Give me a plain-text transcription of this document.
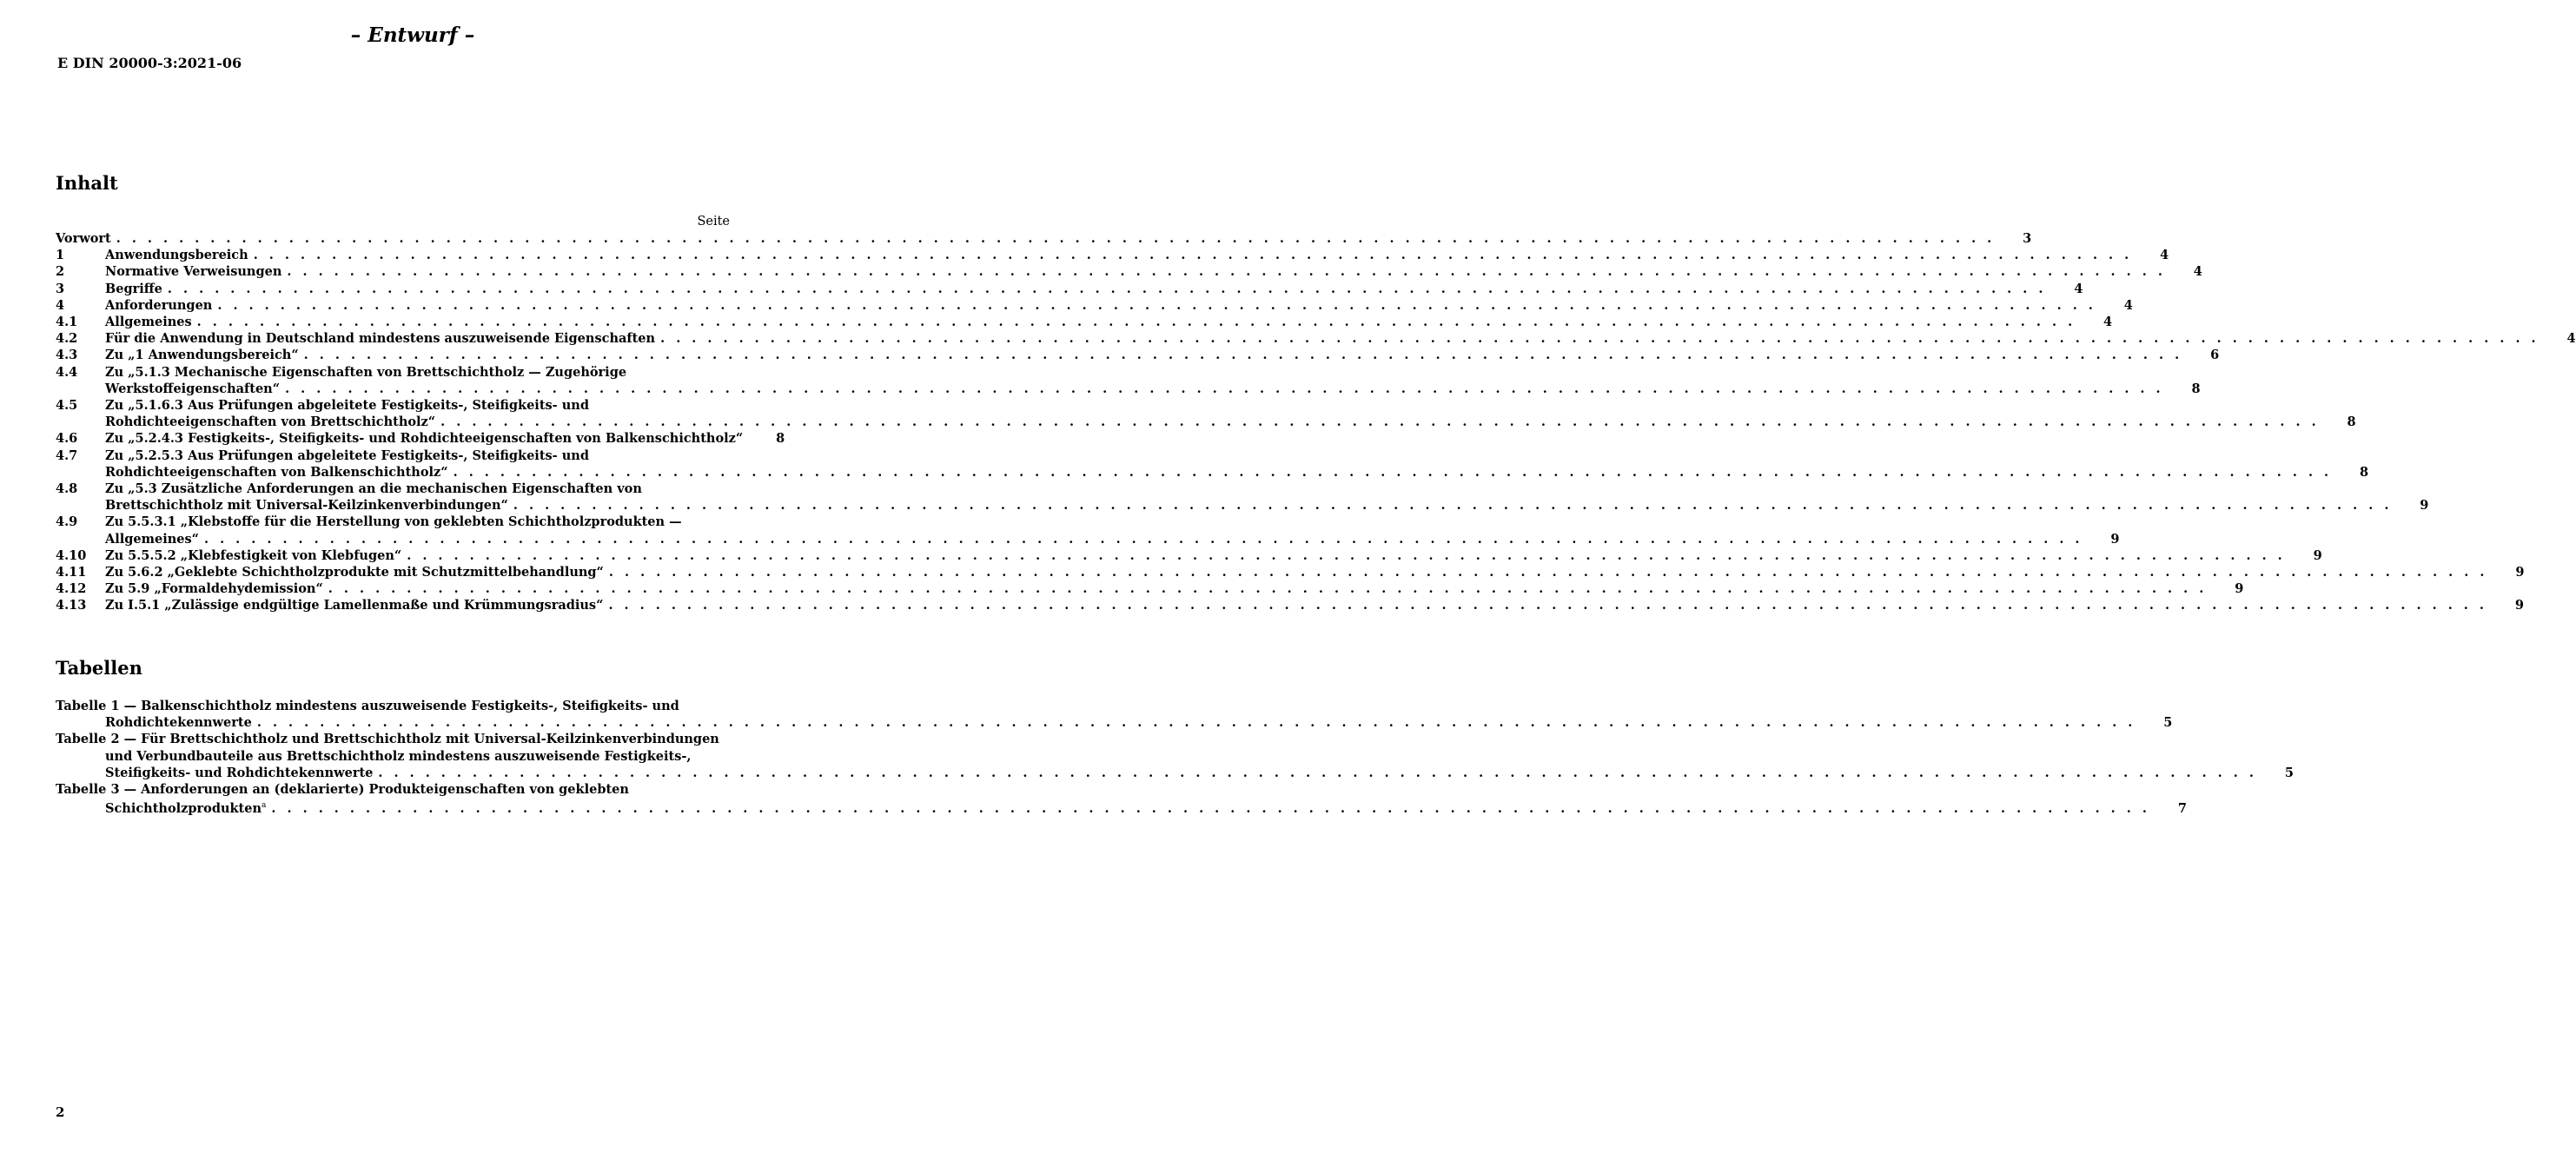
– Entwurf –
E DIN 20000-3:2021-06
Inhalt
Seite
Vorwort . . . . . . . . . . . . . . . . . . . . . . . . . . . . . . . . . . . . . . . . . . . . . . . . . . . . . . . . . . . . . . . . . . . . . . . . . . . . . . . . . . . . . . . . . . . . . . . . . . . . . . . . . . . . . . . . . . . . . . . .	3
1	Anwendungsbereich . . . . . . . . . . . . . . . . . . . . . . . . . . . . . . . . . . . . . . . . . . . . . . . . . . . . . . . . . . . . . . . . . . . . . . . . . . . . . . . . . . . . . . . . . . . . . . . . . . . . . . . . . . . . . . . . . . . . . . . .	4
2	Normative Verweisungen . . . . . . . . . . . . . . . . . . . . . . . . . . . . . . . . . . . . . . . . . . . . . . . . . . . . . . . . . . . . . . . . . . . . . . . . . . . . . . . . . . . . . . . . . . . . . . . . . . . . . . . . . . . . . . . . . . . . . . . .	4
3	Begriffe . . . . . . . . . . . . . . . . . . . . . . . . . . . . . . . . . . . . . . . . . . . . . . . . . . . . . . . . . . . . . . . . . . . . . . . . . . . . . . . . . . . . . . . . . . . . . . . . . . . . . . . . . . . . . . . . . . . . . . . .	4
4	Anforderungen . . . . . . . . . . . . . . . . . . . . . . . . . . . . . . . . . . . . . . . . . . . . . . . . . . . . . . . . . . . . . . . . . . . . . . . . . . . . . . . . . . . . . . . . . . . . . . . . . . . . . . . . . . . . . . . . . . . . . . . .	4
4.1 Allgemeines . . . . . . . . . . . . . . . . . . . . . . . . . . . . . . . . . . . . . . . . . . . . . . . . . . . . . . . . . . . . . . . . . . . . . . . . . . . . . . . . . . . . . . . . . . . . . . . . . . . . . . . . . . . . . . . . . . . . . . . .	4
4.2 Für die Anwendung in Deutschland mindestens auszuweisende Eigenschaften . . . . . . . . . . . . . . . . . . . . . . . . . . . . . . . . . . . . . . . . . . . . . . . . . . . . . . . . . . . . . . . . . . . . . . . . . . . . . . . . . . . . . . . . . . . . . . . . . . . . . . . . . . . . . . . . . . . . . . . .	4
4.3 Zu „1 Anwendungsbereich“ . . . . . . . . . . . . . . . . . . . . . . . . . . . . . . . . . . . . . . . . . . . . . . . . . . . . . . . . . . . . . . . . . . . . . . . . . . . . . . . . . . . . . . . . . . . . . . . . . . . . . . . . . . . . . . . . . . . . . . . .	6
4.4 Zu „5.1.3 Mechanische Eigenschaften von Brettschichtholz — Zugehörige
Werkstoffeigenschaften“ . . . . . . . . . . . . . . . . . . . . . . . . . . . . . . . . . . . . . . . . . . . . . . . . . . . . . . . . . . . . . . . . . . . . . . . . . . . . . . . . . . . . . . . . . . . . . . . . . . . . . . . . . . . . . . . . . . . . . . . .	8
4.5 Zu „5.1.6.3 Aus Prüfungen abgeleitete Festigkeits-, Steifigkeits- und
Rohdichteeigenschaften von Brettschichtholz“ . . . . . . . . . . . . . . . . . . . . . . . . . . . . . . . . . . . . . . . . . . . . . . . . . . . . . . . . . . . . . . . . . . . . . . . . . . . . . . . . . . . . . . . . . . . . . . . . . . . . . . . . . . . . . . . . . . . . . . . .	8
4.6 Zu „5.2.4.3 Festigkeits-, Steifigkeits- und Rohdichteeigenschaften von Balkenschichtholz“	8
4.7 Zu „5.2.5.3 Aus Prüfungen abgeleitete Festigkeits-, Steifigkeits- und
Rohdichteeigenschaften von Balkenschichtholz“ . . . . . . . . . . . . . . . . . . . . . . . . . . . . . . . . . . . . . . . . . . . . . . . . . . . . . . . . . . . . . . . . . . . . . . . . . . . . . . . . . . . . . . . . . . . . . . . . . . . . . . . . . . . . . . . . . . . . . . . .	8
4.8 Zu „5.3 Zusätzliche Anforderungen an die mechanischen Eigenschaften von
Brettschichtholz mit Universal-Keilzinkenverbindungen“ . . . . . . . . . . . . . . . . . . . . . . . . . . . . . . . . . . . . . . . . . . . . . . . . . . . . . . . . . . . . . . . . . . . . . . . . . . . . . . . . . . . . . . . . . . . . . . . . . . . . . . . . . . . . . . . . . . . . . . . .	9
4.9 Zu 5.5.3.1 „Klebstoffe für die Herstellung von geklebten Schichtholzprodukten —
Allgemeines“ . . . . . . . . . . . . . . . . . . . . . . . . . . . . . . . . . . . . . . . . . . . . . . . . . . . . . . . . . . . . . . . . . . . . . . . . . . . . . . . . . . . . . . . . . . . . . . . . . . . . . . . . . . . . . . . . . . . . . . . .	9
4.10 Zu 5.5.5.2 „Klebfestigkeit von Klebfugen“ . . . . . . . . . . . . . . . . . . . . . . . . . . . . . . . . . . . . . . . . . . . . . . . . . . . . . . . . . . . . . . . . . . . . . . . . . . . . . . . . . . . . . . . . . . . . . . . . . . . . . . . . . . . . . . . . . . . . . . . .	9
4.11 Zu 5.6.2 „Geklebte Schichtholzprodukte mit Schutzmittelbehandlung“ . . . . . . . . . . . . . . . . . . . . . . . . . . . . . . . . . . . . . . . . . . . . . . . . . . . . . . . . . . . . . . . . . . . . . . . . . . . . . . . . . . . . . . . . . . . . . . . . . . . . . . . . . . . . . . . . . . . . . . . .	9
4.12 Zu 5.9 „Formaldehydemission“ . . . . . . . . . . . . . . . . . . . . . . . . . . . . . . . . . . . . . . . . . . . . . . . . . . . . . . . . . . . . . . . . . . . . . . . . . . . . . . . . . . . . . . . . . . . . . . . . . . . . . . . . . . . . . . . . . . . . . . . .	9
4.13 Zu I.5.1 „Zulässige endgültige Lamellenmaße und Krümmungsradius“ . . . . . . . . . . . . . . . . . . . . . . . . . . . . . . . . . . . . . . . . . . . . . . . . . . . . . . . . . . . . . . . . . . . . . . . . . . . . . . . . . . . . . . . . . . . . . . . . . . . . . . . . . . . . . . . . . . . . . . . .	9
Tabellen
Tabelle 1 — Balkenschichtholz mindestens auszuweisende Festigkeits-, Steifigkeits- und
Rohdichtekennwerte . . . . . . . . . . . . . . . . . . . . . . . . . . . . . . . . . . . . . . . . . . . . . . . . . . . . . . . . . . . . . . . . . . . . . . . . . . . . . . . . . . . . . . . . . . . . . . . . . . . . . . . . . . . . . . . . . . . . . . . .	5
Tabelle 2 — Für Brettschichtholz und Brettschichtholz mit Universal-Keilzinkenverbindungen
und Verbundbauteile aus Brettschichtholz mindestens auszuweisende Festigkeits-,
Steifigkeits- und Rohdichtekennwerte . . . . . . . . . . . . . . . . . . . . . . . . . . . . . . . . . . . . . . . . . . . . . . . . . . . . . . . . . . . . . . . . . . . . . . . . . . . . . . . . . . . . . . . . . . . . . . . . . . . . . . . . . . . . . . . . . . . . . . . .	5
Tabelle 3 — Anforderungen an (deklarierte) Produkteigenschaften von geklebten
Schichtholzprodukten$^a$ . . . . . . . . . . . . . . . . . . . . . . . . . . . . . . . . . . . . . . . . . . . . . . . . . . . . . . . . . . . . . . . . . . . . . . . . . . . . . . . . . . . . . . . . . . . . . . . . . . . . . . . . . . . . . . . . . . . . . . . .	7
2
